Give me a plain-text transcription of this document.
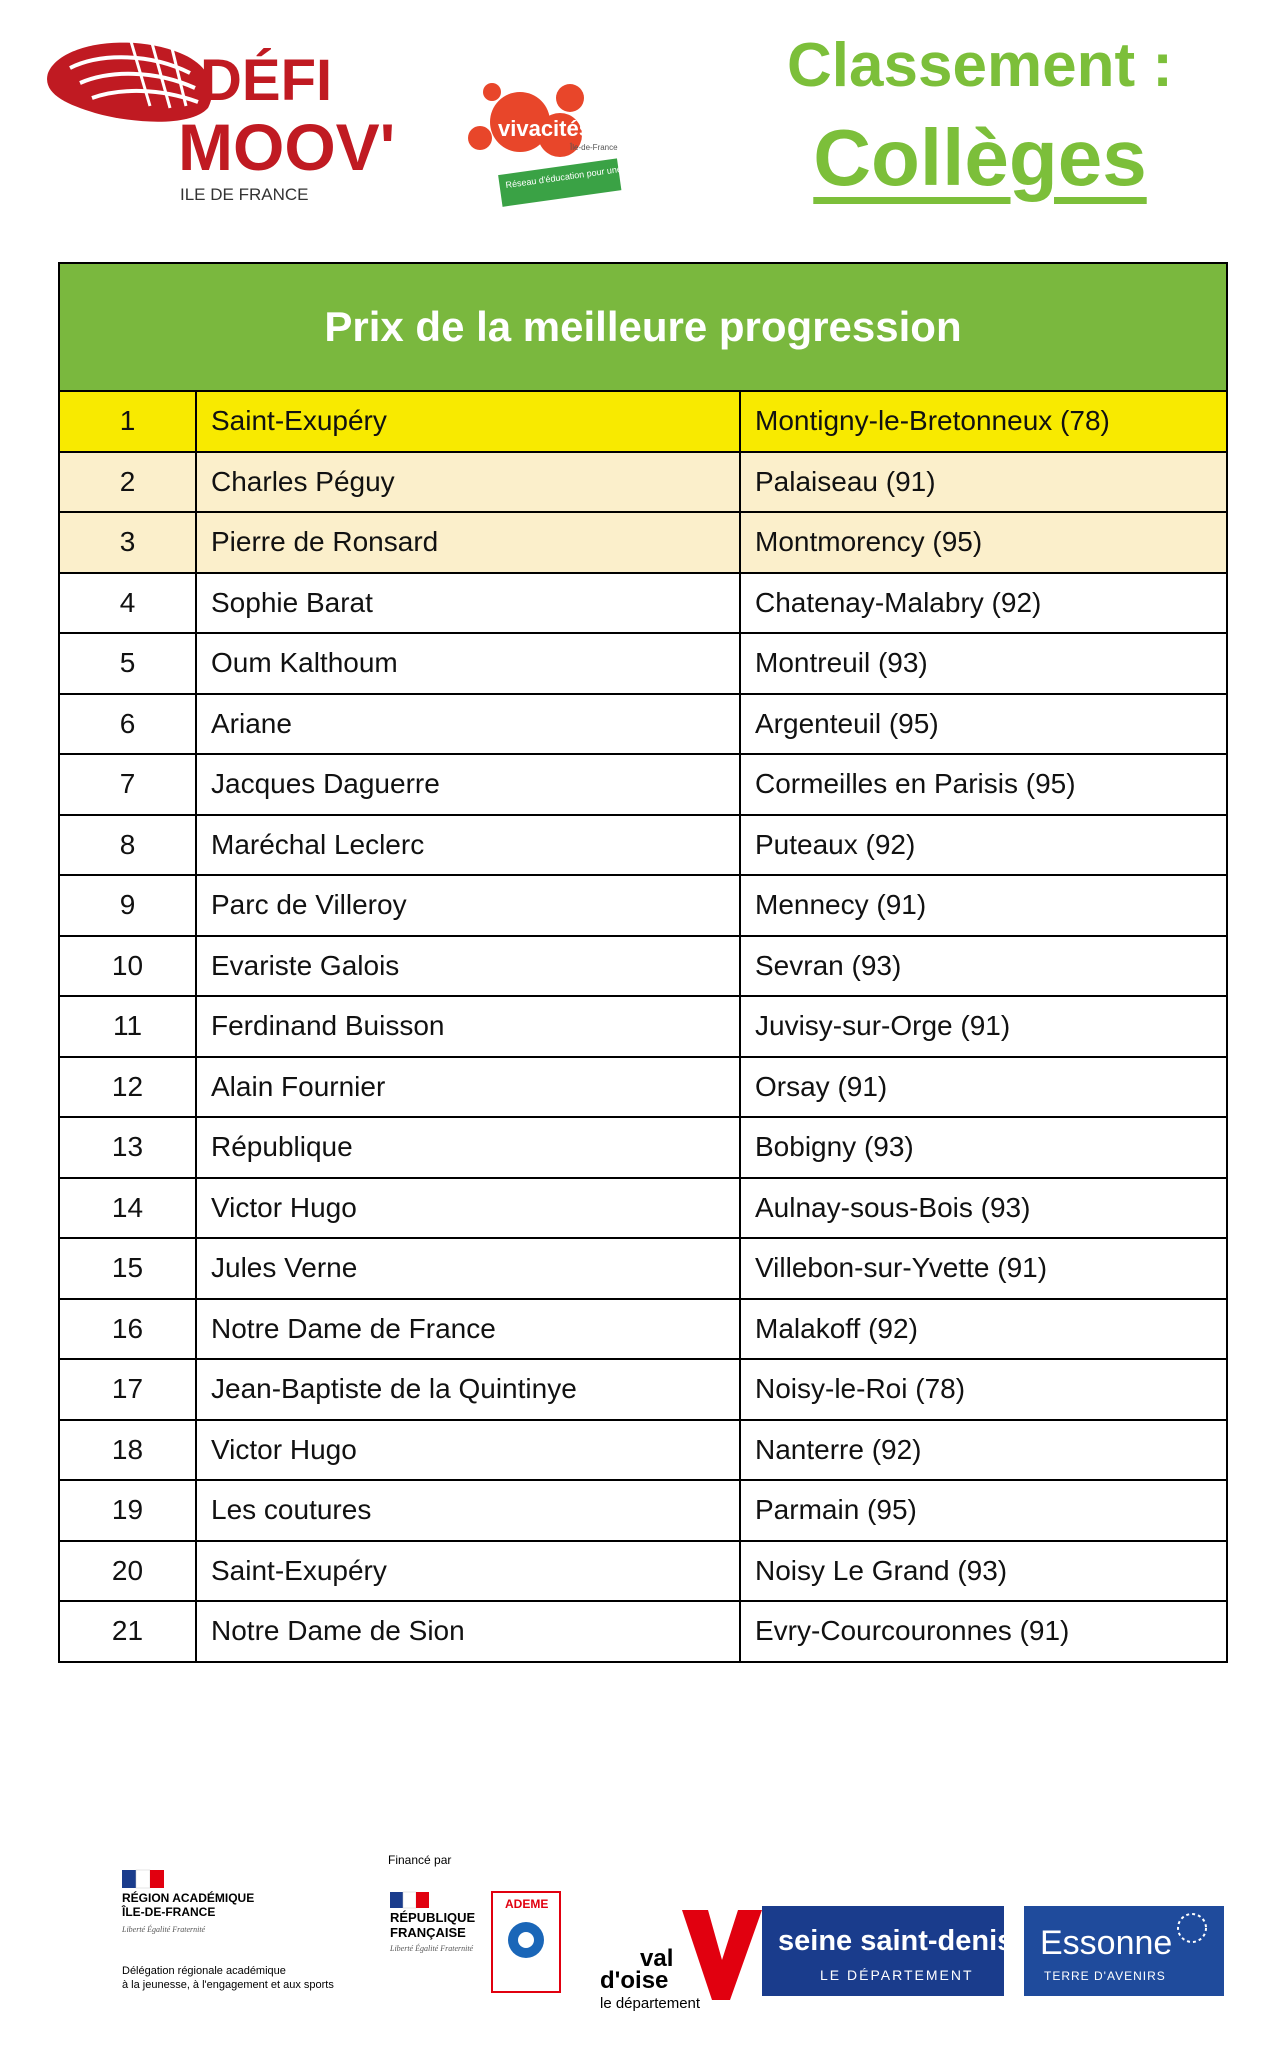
DÉFI
MOOV'
ILE DE FRANCE
vivacités
Île-de-France
Réseau d'éducation pour une ville durable
Classement :
Collèges
Prix de la meilleure progression		
1	Saint-Exupéry	Montigny-le-Bretonneux (78)
2	Charles Péguy	Palaiseau (91)
3	Pierre de Ronsard	Montmorency (95)
4	Sophie Barat	Chatenay-Malabry (92)
5	Oum Kalthoum	Montreuil (93)
6	Ariane	Argenteuil (95)
7	Jacques Daguerre	Cormeilles en Parisis (95)
8	Maréchal Leclerc	Puteaux (92)
9	Parc de Villeroy	Mennecy (91)
10	Evariste Galois	Sevran (93)
11	Ferdinand Buisson	Juvisy-sur-Orge (91)
12	Alain Fournier	Orsay (91)
13	République	Bobigny (93)
14	Victor Hugo	Aulnay-sous-Bois (93)
15	Jules Verne	Villebon-sur-Yvette (91)
16	Notre Dame de France	Malakoff (92)
17	Jean-Baptiste de la Quintinye	Noisy-le-Roi (78)
18	Victor Hugo	Nanterre (92)
19	Les coutures	Parmain (95)
20	Saint-Exupéry	Noisy Le Grand (93)
21	Notre Dame de Sion	Evry-Courcouronnes (91)
RÉGION ACADÉMIQUE
ÎLE-DE-FRANCE
Liberté Égalité Fraternité
Délégation régionale académique
à la jeunesse, à l'engagement et aux sports
Financé par
RÉPUBLIQUE
FRANÇAISE
Liberté Égalité Fraternité
ADEME
val
d'oise
le département
seine saint-denis
LE DÉPARTEMENT
Essonne
TERRE D'AVENIRS
